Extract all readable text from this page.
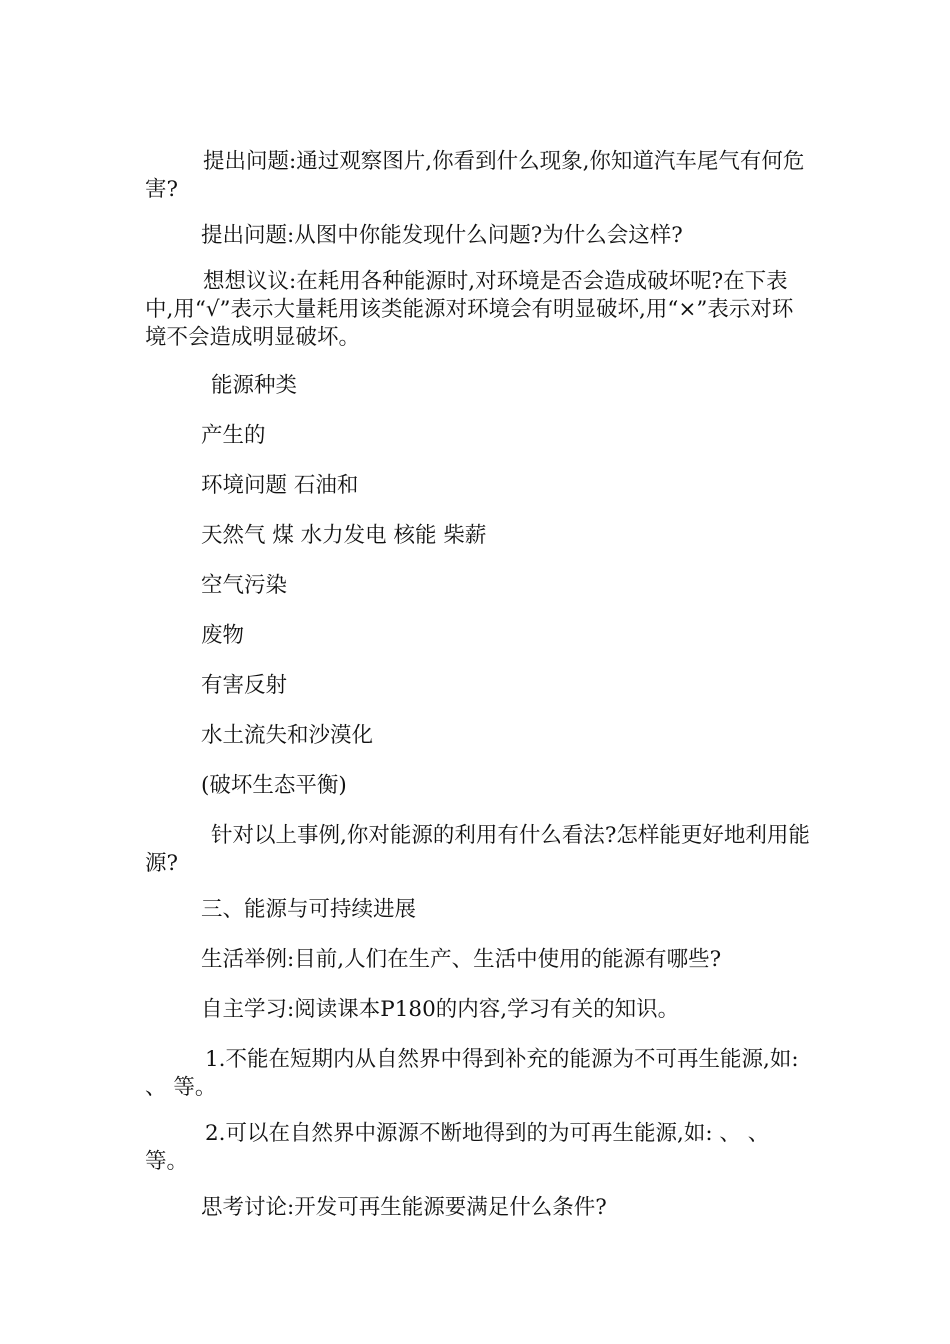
提出问题:通过观察图片,你看到什么现象,你知道汽车尾气有何危害?

提出问题:从图中你能发现什么问题?为什么会这样?

想想议议:在耗用各种能源时,对环境是否会造成破坏呢?在下表中,用“√”表示大量耗用该类能源对环境会有明显破坏,用“×”表示对环境不会造成明显破坏。

能源种类

产生的

环境问题 石油和

天然气 煤 水力发电 核能 柴薪

空气污染

废物

有害反射

水土流失和沙漠化

(破坏生态平衡)

针对以上事例,你对能源的利用有什么看法?怎样能更好地利用能源?

三、能源与可持续进展

生活举例:目前,人们在生产、生活中使用的能源有哪些?

自主学习:阅读课本P180的内容,学习有关的知识。

1.不能在短期内从自然界中得到补充的能源为不可再生能源,如: 、 等。

2.可以在自然界中源源不断地得到的为可再生能源,如: 、 、 等。

思考讨论:开发可再生能源要满足什么条件?
